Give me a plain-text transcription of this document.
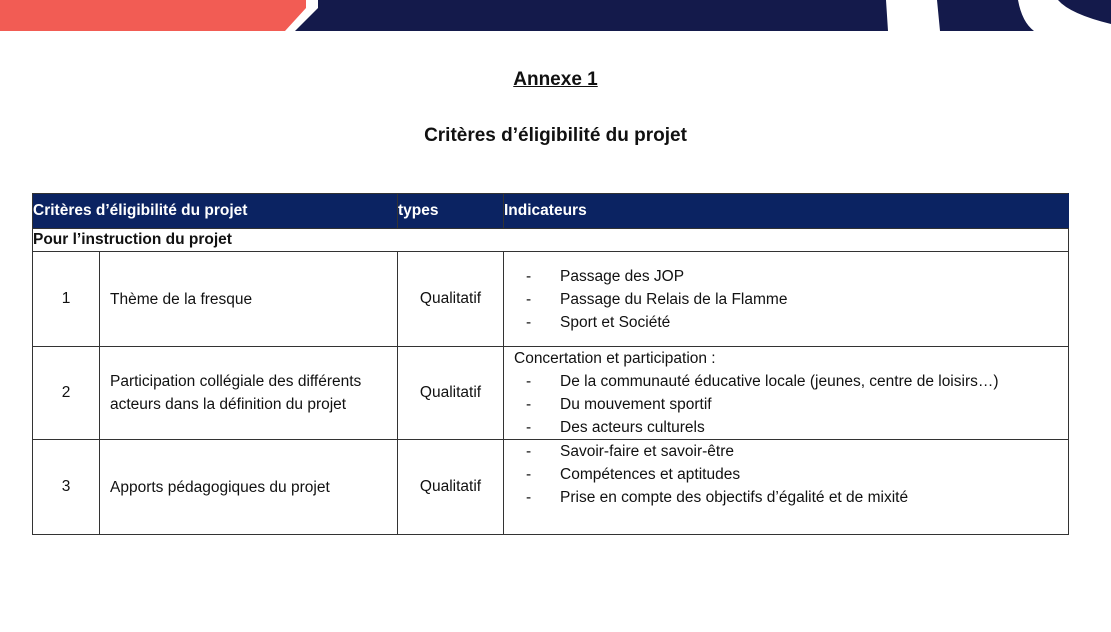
Annexe 1
Critères d’éligibilité du projet
Critères d’éligibilité du projet		types	Indicateurs
Pour l’instruction du projet			
1	Thème de la fresque	Qualitatif	
- Passage des JOP
- Passage du Relais de la Flamme
- Sport et Société

2	Participation collégiale des différents acteurs dans la définition du projet	Qualitatif	
Concertation et participation :
- De la communauté éducative locale (jeunes, centre de loisirs…)
- Du mouvement sportif
- Des acteurs culturels

3	Apports pédagogiques du projet	Qualitatif	
- Savoir-faire et savoir-être
- Compétences et aptitudes
- Prise en compte des objectifs d’égalité et de mixité
